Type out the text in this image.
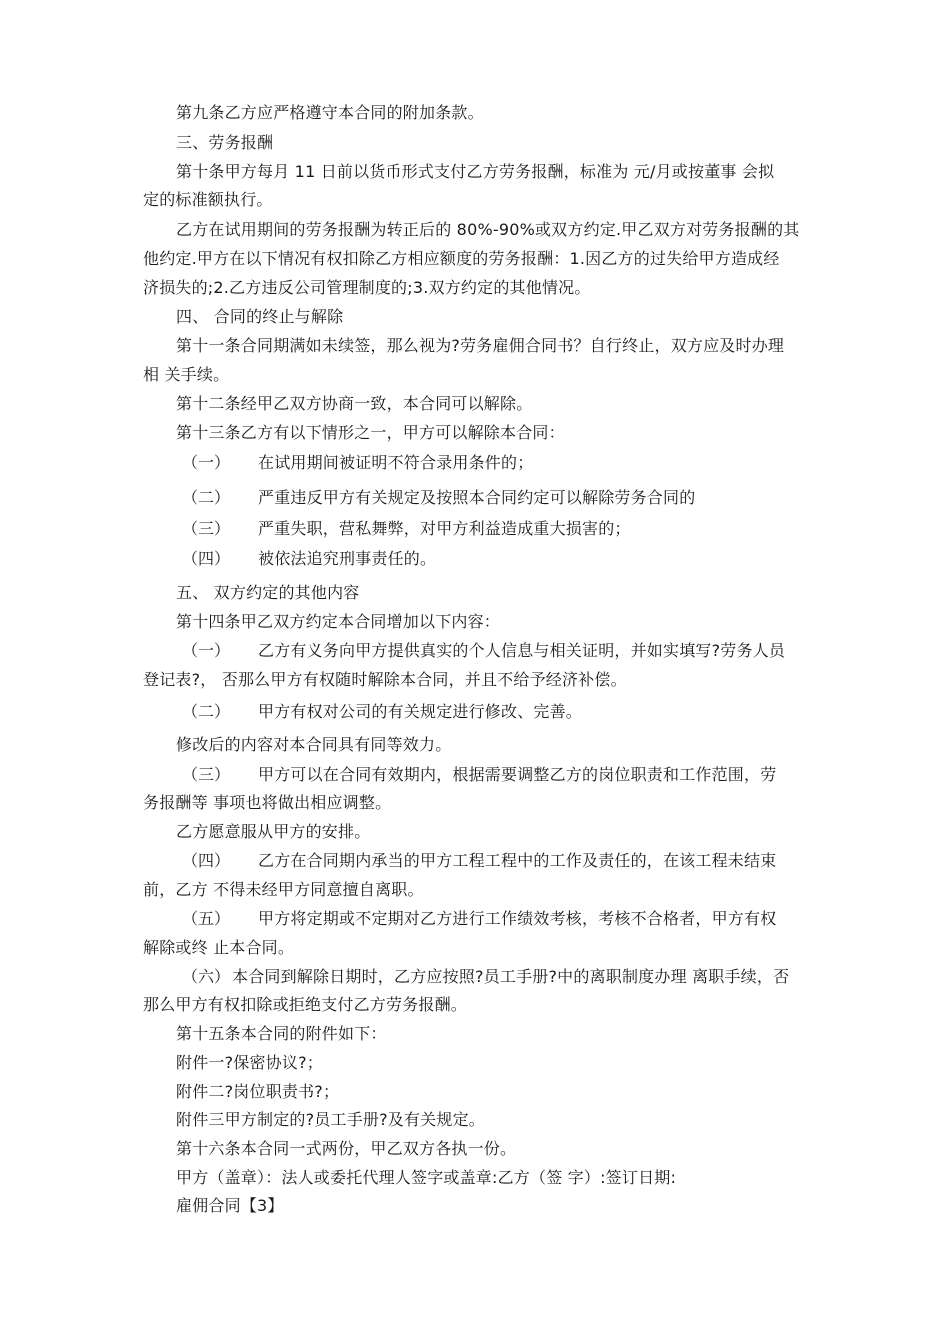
第九条乙方应严格遵守本合同的附加条款。
三、劳务报酬
第十条甲方每月 11 日前以货币形式支付乙方劳务报酬，标准为 元/月或按董事 会拟
定的标准额执行。
乙方在试用期间的劳务报酬为转正后的 80%-90%或双方约定.甲乙双方对劳务报酬的其
他约定.甲方在以下情况有权扣除乙方相应额度的劳务报酬：1.因乙方的过失给甲方造成经
济损失的;2.乙方违反公司管理制度的;3.双方约定的其他情况。
四、 合同的终止与解除
第十一条合同期满如未续签，那么视为?劳务雇佣合同书？自行终止，双方应及时办理
相 关手续。
第十二条经甲乙双方协商一致，本合同可以解除。
第十三条乙方有以下情形之一，甲方可以解除本合同：
（一） 在试用期间被证明不符合录用条件的；
（二） 严重违反甲方有关规定及按照本合同约定可以解除劳务合同的
（三） 严重失职，营私舞弊，对甲方利益造成重大损害的；
（四） 被依法追究刑事责任的。
五、 双方约定的其他内容
第十四条甲乙双方约定本合同增加以下内容：
（一） 乙方有义务向甲方提供真实的个人信息与相关证明，并如实填写?劳务人员
登记表?， 否那么甲方有权随时解除本合同，并且不给予经济补偿。
（二） 甲方有权对公司的有关规定进行修改、完善。
修改后的内容对本合同具有同等效力。
（三） 甲方可以在合同有效期内，根据需要调整乙方的岗位职责和工作范围，劳
务报酬等 事项也将做出相应调整。
乙方愿意服从甲方的安排。
（四） 乙方在合同期内承当的甲方工程工程中的工作及责任的，在该工程未结束
前，乙方 不得未经甲方同意擅自离职。
（五） 甲方将定期或不定期对乙方进行工作绩效考核，考核不合格者，甲方有权
解除或终 止本合同。
（六） 本合同到解除日期时，乙方应按照?员工手册?中的离职制度办理 离职手续，否
那么甲方有权扣除或拒绝支付乙方劳务报酬。
第十五条本合同的附件如下：
附件一?保密协议?；
附件二?岗位职责书?；
附件三甲方制定的?员工手册?及有关规定。
第十六条本合同一式两份，甲乙双方各执一份。
甲方（盖章）：法人或委托代理人签字或盖章:乙方（签 字）:签订日期:
雇佣合同【3】
